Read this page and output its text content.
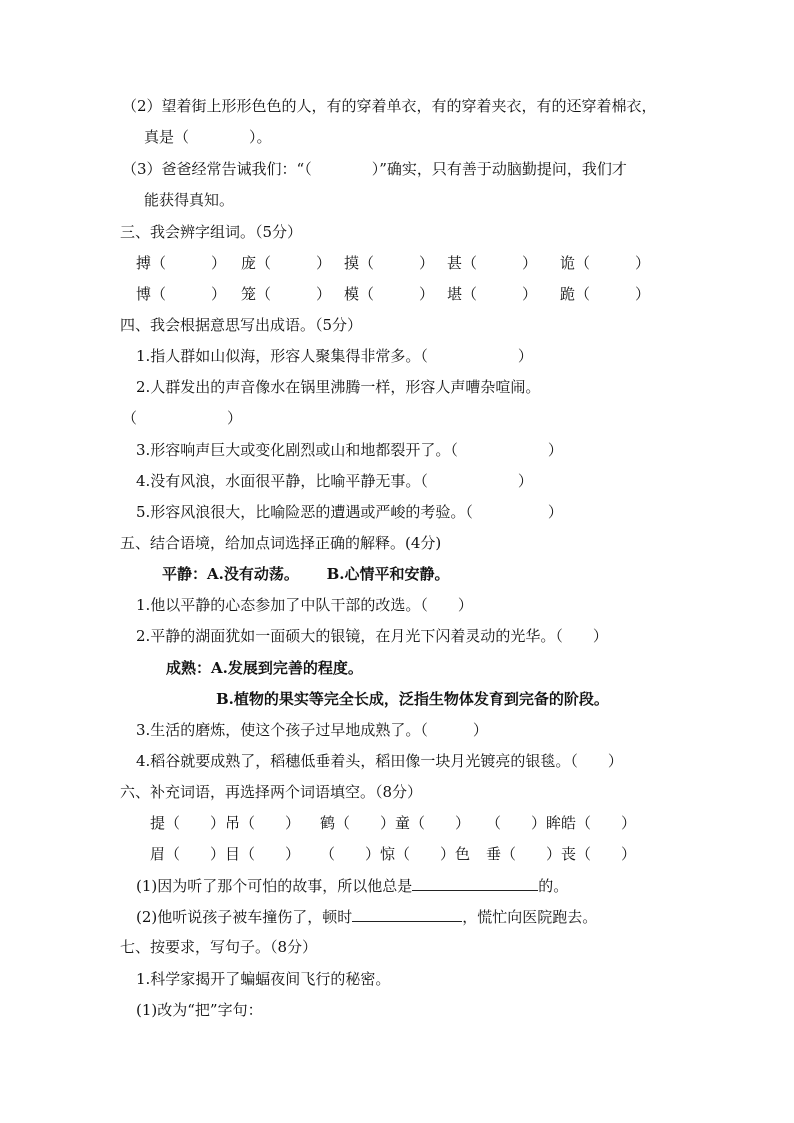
（2）望着街上形形色色的人，有的穿着单衣，有的穿着夹衣，有的还穿着棉衣，
真是（　　　　）。
（3）爸爸经常告诫我们：“（　　　　）”确实，只有善于动脑勤提问，我们才
能获得真知。
三、我会辨字组词。（5分）
搏（　　　） 庞（　　　） 摸（　　　） 甚（　　　） 诡（　　　）
博（　　　） 笼（　　　） 模（　　　） 堪（　　　） 跪（　　　）
四、我会根据意思写出成语。（5分）
1.指人群如山似海，形容人聚集得非常多。（　　　　　　）
2.人群发出的声音像水在锅里沸腾一样，形容人声嘈杂喧闹。
（　　　　　　）
3.形容响声巨大或变化剧烈或山和地都裂开了。（　　　　　　）
4.没有风浪，水面很平静，比喻平静无事。（　　　　　　）
5.形容风浪很大，比喻险恶的遭遇或严峻的考验。（　　　　　）
五、结合语境，给加点词选择正确的解释。(4分)
平静：A.没有动荡。　　 B.心情平和安静。
1.他以平静的心态参加了中队干部的改选。（　　）
2.平静的湖面犹如一面硕大的银镜，在月光下闪着灵动的光华。（　　）
成熟：A.发展到完善的程度。
B.植物的果实等完全长成，泛指生物体发育到完备的阶段。
3.生活的磨炼，使这个孩子过早地成熟了。（　　　）
4.稻谷就要成熟了，稻穗低垂着头，稻田像一块月光镀亮的银毯。（　　）
六、补充词语，再选择两个词语填空。（8分）
提（　　）吊（　　） 鹤（　　）童（　　） （　　）眸皓（　　）
眉（　　）目（　　） （　　）惊（　　）色 垂（　　）丧（　　）
(1)因为听了那个可怕的故事，所以他总是	的。
(2)他听说孩子被车撞伤了，顿时	，慌忙向医院跑去。
七、按要求，写句子。（8分）
1.科学家揭开了蝙蝠夜间飞行的秘密。
(1)改为“把”字句：
